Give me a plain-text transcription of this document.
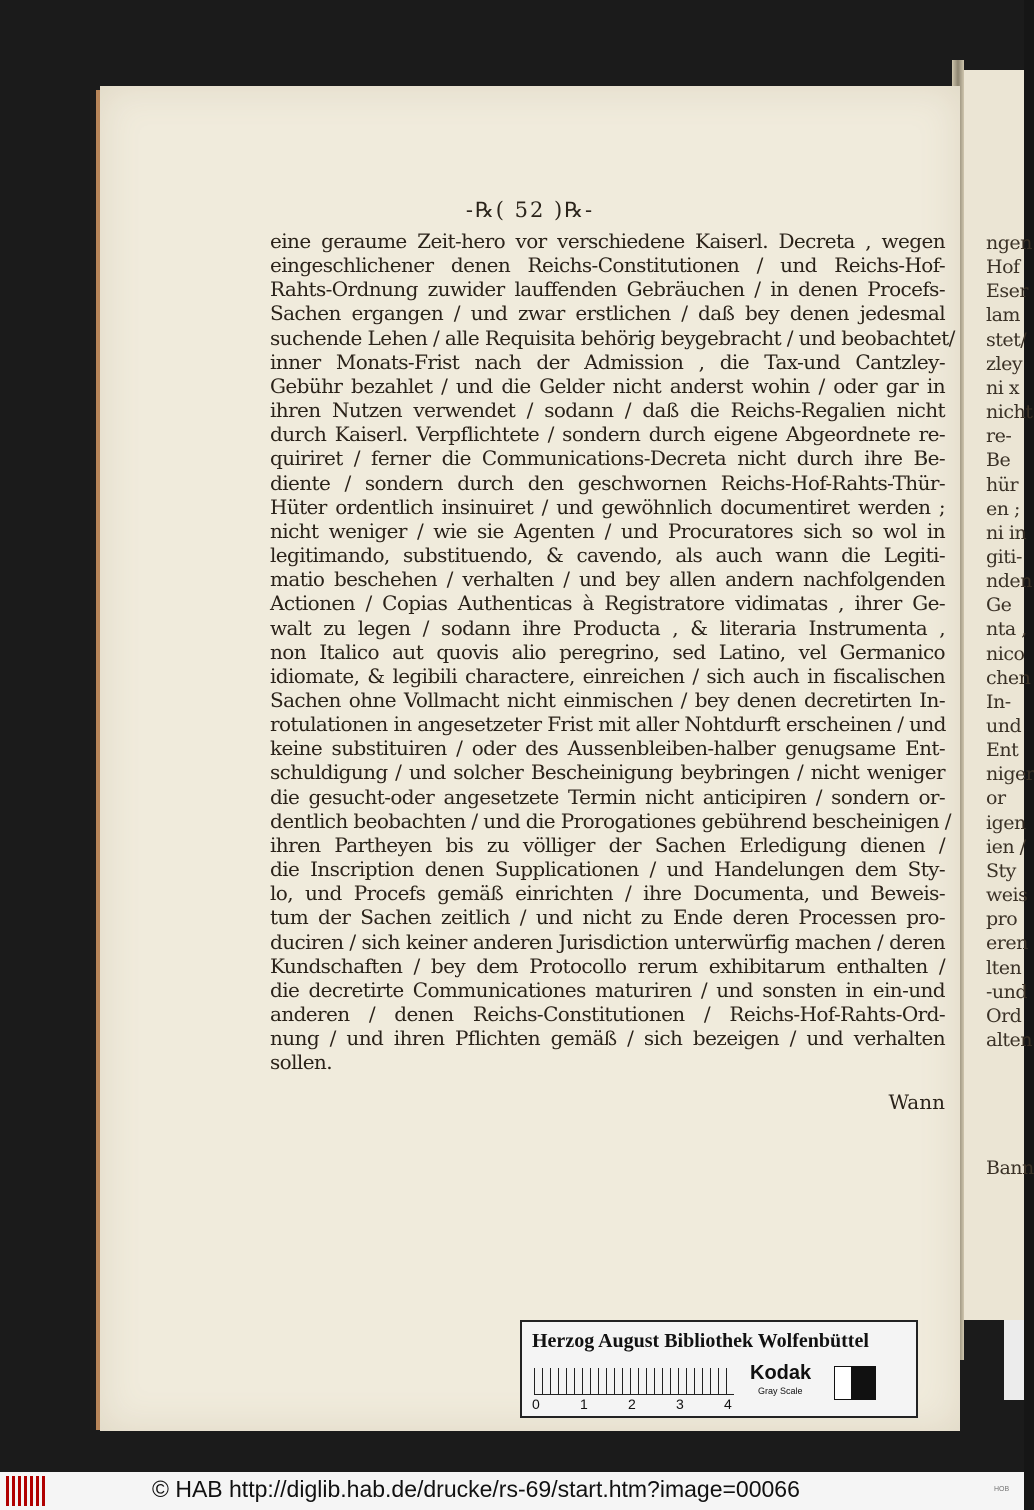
ngen
Hof
Eser
lam
stet/
zley
ni x
nicht
re-
Be
hür
en ;
ni in
giti-
nden
Ge
nta ,
nico
chen
In-
und
Ent
niger
or
igen
ien /
Sty
weis
pro
eren
lten
-und
Ord
alten
Bann
-℞( 52 )℞-
eine geraume Zeit-hero vor verschiedene Kaiserl. Decreta , wegen
eingeschlichener denen Reichs-Constitutionen / und Reichs-Hof-
Rahts-Ordnung zuwider lauffenden Gebräuchen / in denen Procefs-
Sachen ergangen / und zwar erstlichen / daß bey denen jedesmal
suchende Lehen / alle Requisita behörig beygebracht / und beobachtet/
inner Monats-Frist nach der Admission , die Tax-und Cantzley-
Gebühr bezahlet / und die Gelder nicht anderst wohin / oder gar in
ihren Nutzen verwendet / sodann / daß die Reichs-Regalien nicht
durch Kaiserl. Verpflichtete / sondern durch eigene Abgeordnete re-
quiriret / ferner die Communications-Decreta nicht durch ihre Be-
diente / sondern durch den geschwornen Reichs-Hof-Rahts-Thür-
Hüter ordentlich insinuiret / und gewöhnlich documentiret werden ;
nicht weniger / wie sie Agenten / und Procuratores sich so wol in
legitimando, substituendo, & cavendo, als auch wann die Legiti-
matio beschehen / verhalten / und bey allen andern nachfolgenden
Actionen / Copias Authenticas à Registratore vidimatas , ihrer Ge-
walt zu legen / sodann ihre Producta , & literaria Instrumenta ,
non Italico aut quovis alio peregrino, sed Latino, vel Germanico
idiomate, & legibili charactere, einreichen / sich auch in fiscalischen
Sachen ohne Vollmacht nicht einmischen / bey denen decretirten In-
rotulationen in angesetzeter Frist mit aller Nohtdurft erscheinen / und
keine substituiren / oder des Aussenbleiben-halber genugsame Ent-
schuldigung / und solcher Bescheinigung beybringen / nicht weniger
die gesucht-oder angesetzete Termin nicht anticipiren / sondern or-
dentlich beobachten / und die Prorogationes gebührend bescheinigen /
ihren Partheyen bis zu völliger der Sachen Erledigung dienen /
die Inscription denen Supplicationen / und Handelungen dem Sty-
lo, und Procefs gemäß einrichten / ihre Documenta, und Beweis-
tum der Sachen zeitlich / und nicht zu Ende deren Processen pro-
duciren / sich keiner anderen Jurisdiction unterwürfig machen / deren
Kundschaften / bey dem Protocollo rerum exhibitarum enthalten /
die decretirte Communicationes maturiren / und sonsten in ein-und
anderen / denen Reichs-Constitutionen / Reichs-Hof-Rahts-Ord-
nung / und ihren Pflichten gemäß / sich bezeigen / und verhalten
sollen.
Wann
Herzog August Bibliothek Wolfenbüttel
0	1	2	3	4
Kodak
Gray Scale
© HAB http://diglib.hab.de/drucke/rs-69/start.htm?image=00066	HOB
